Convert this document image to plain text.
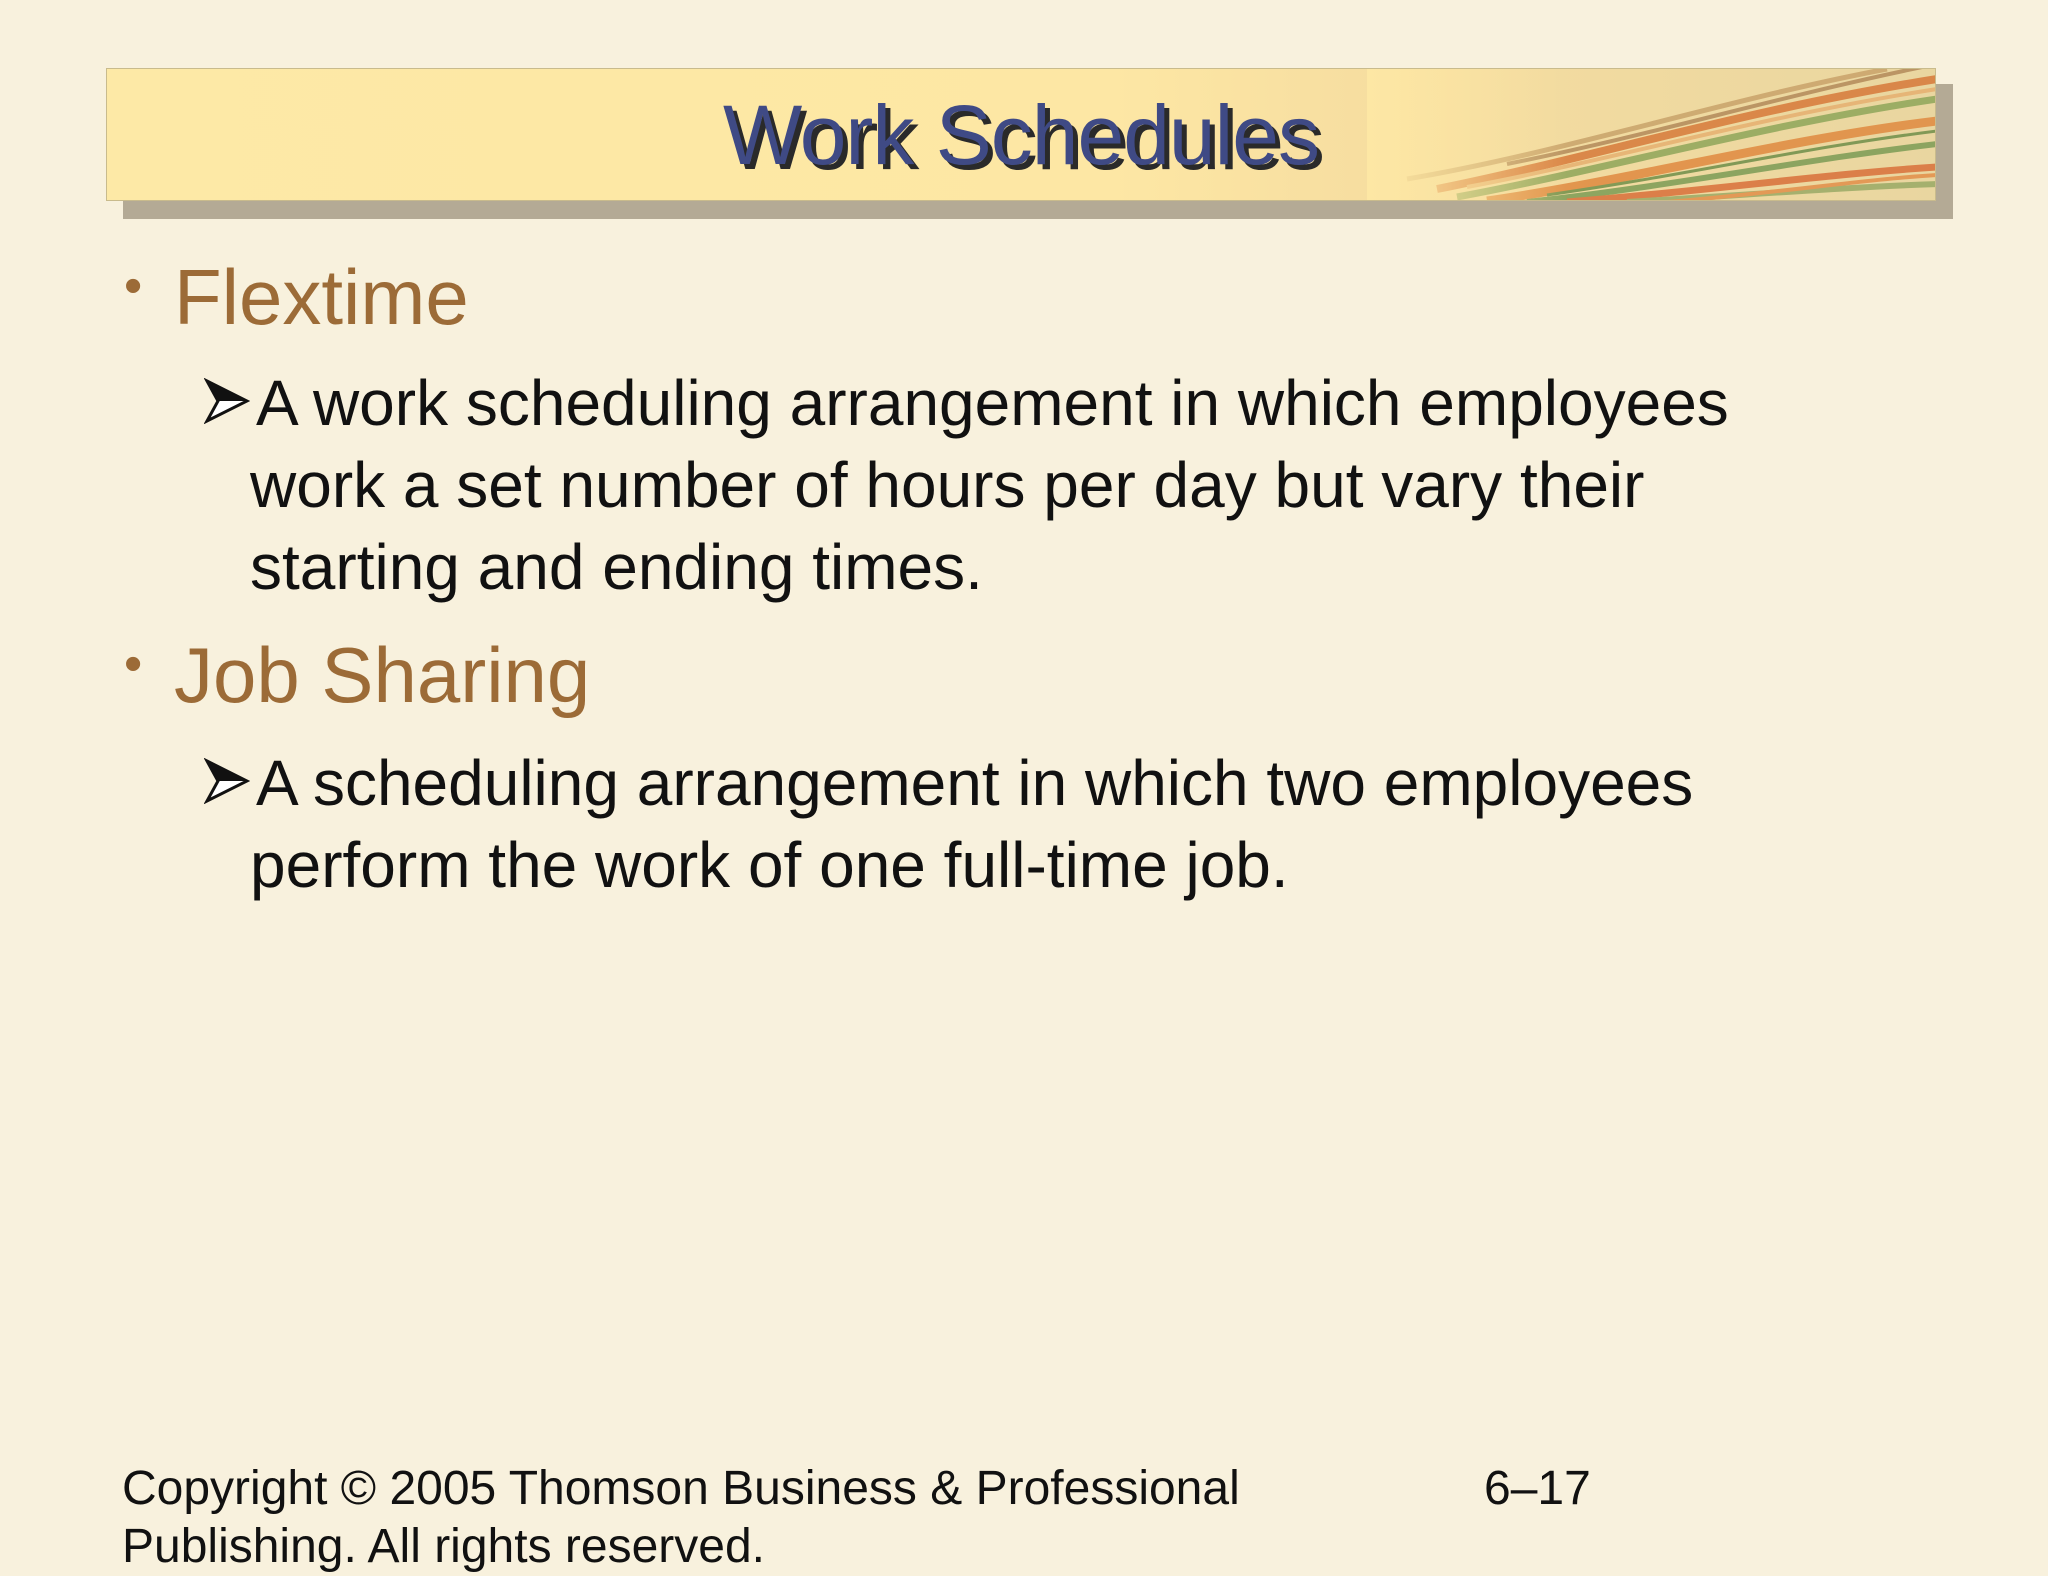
Work Schedules
• Flextime
A work scheduling arrangement in which employees
work a set number of hours per day but vary their
starting and ending times.
• Job Sharing
A scheduling arrangement in which two employees
perform the work of one full-time job.
Copyright © 2005 Thomson Business & Professional
Publishing. All rights reserved.
6–17
